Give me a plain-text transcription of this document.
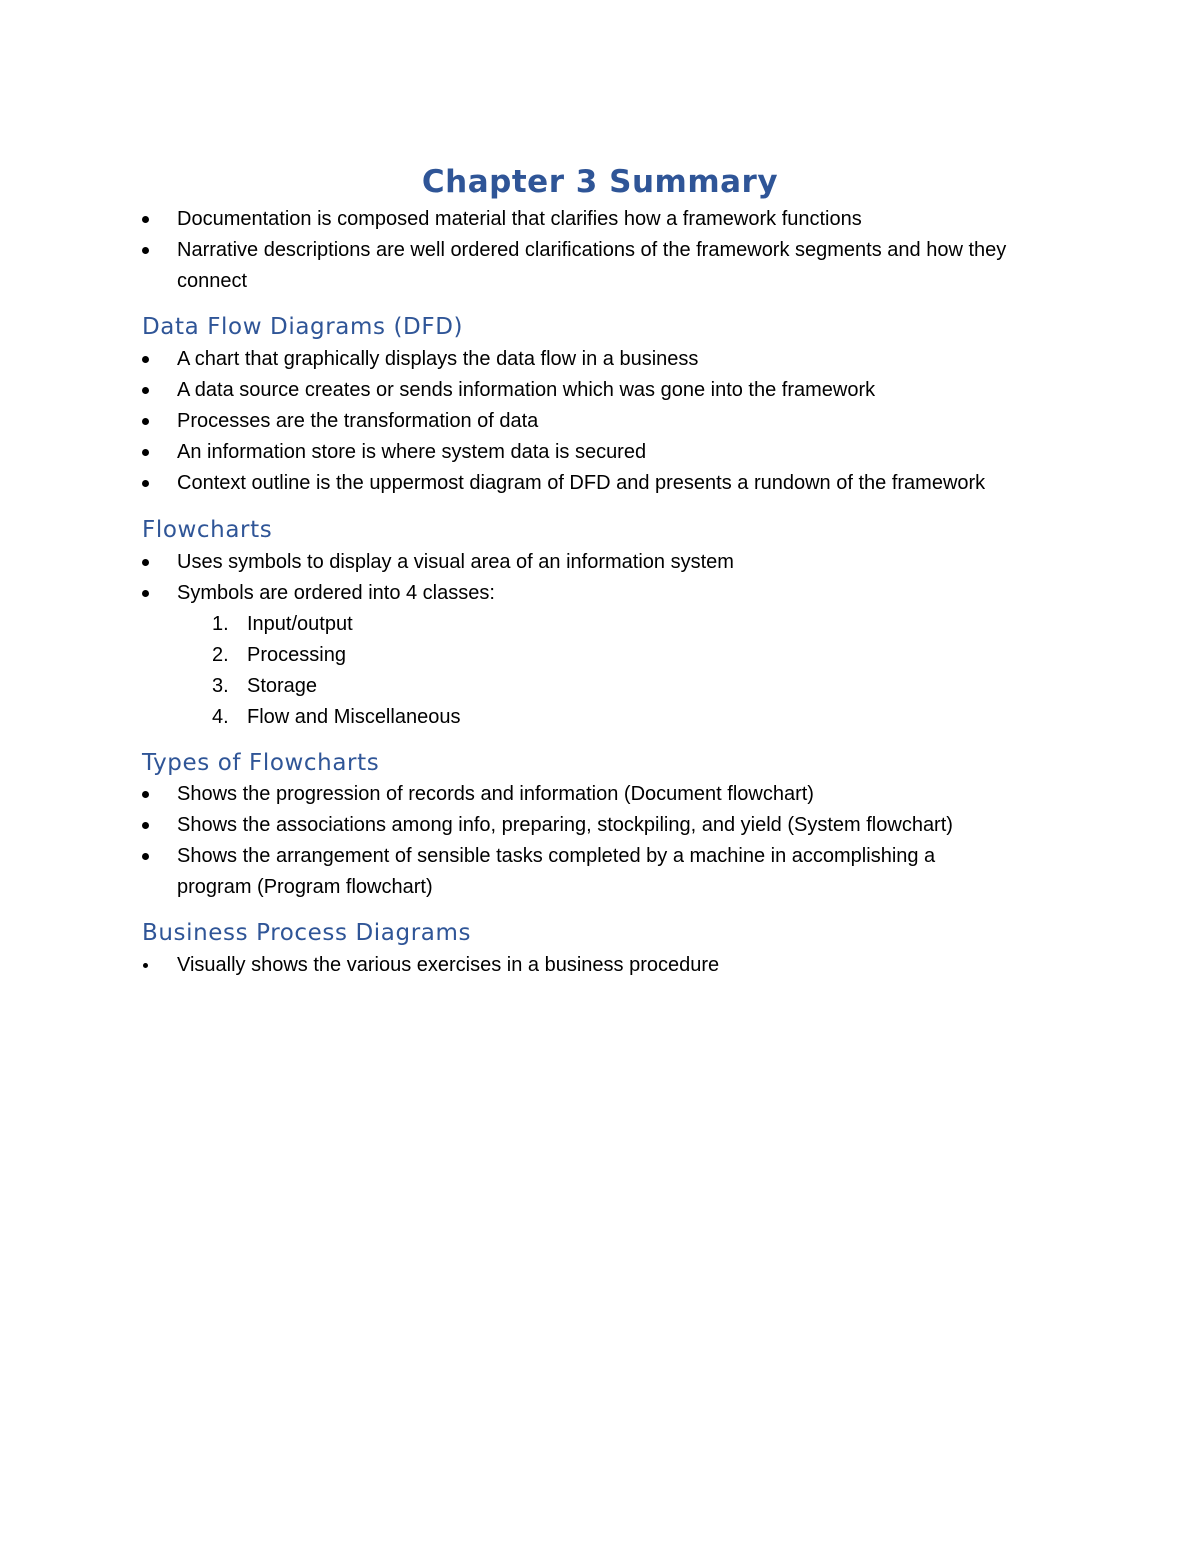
Chapter 3 Summary
Documentation is composed material that clarifies how a framework functions
Narrative descriptions are well ordered clarifications of the framework segments and how they connect
Data Flow Diagrams (DFD)
A chart that graphically displays the data flow in a business
A data source creates or sends information which was gone into the framework
Processes are the transformation of data
An information store is where system data is secured
Context outline is the uppermost diagram of DFD and presents a rundown of the framework
Flowcharts
Uses symbols to display a visual area of an information system
Symbols are ordered into 4 classes:
1. Input/output
2. Processing
3. Storage
4. Flow and Miscellaneous
Types of Flowcharts
Shows the progression of records and information (Document flowchart)
Shows the associations among info, preparing, stockpiling, and yield (System flowchart)
Shows the arrangement of sensible tasks completed by a machine in accomplishing a program (Program flowchart)
Business Process Diagrams
Visually shows the various exercises in a business procedure
